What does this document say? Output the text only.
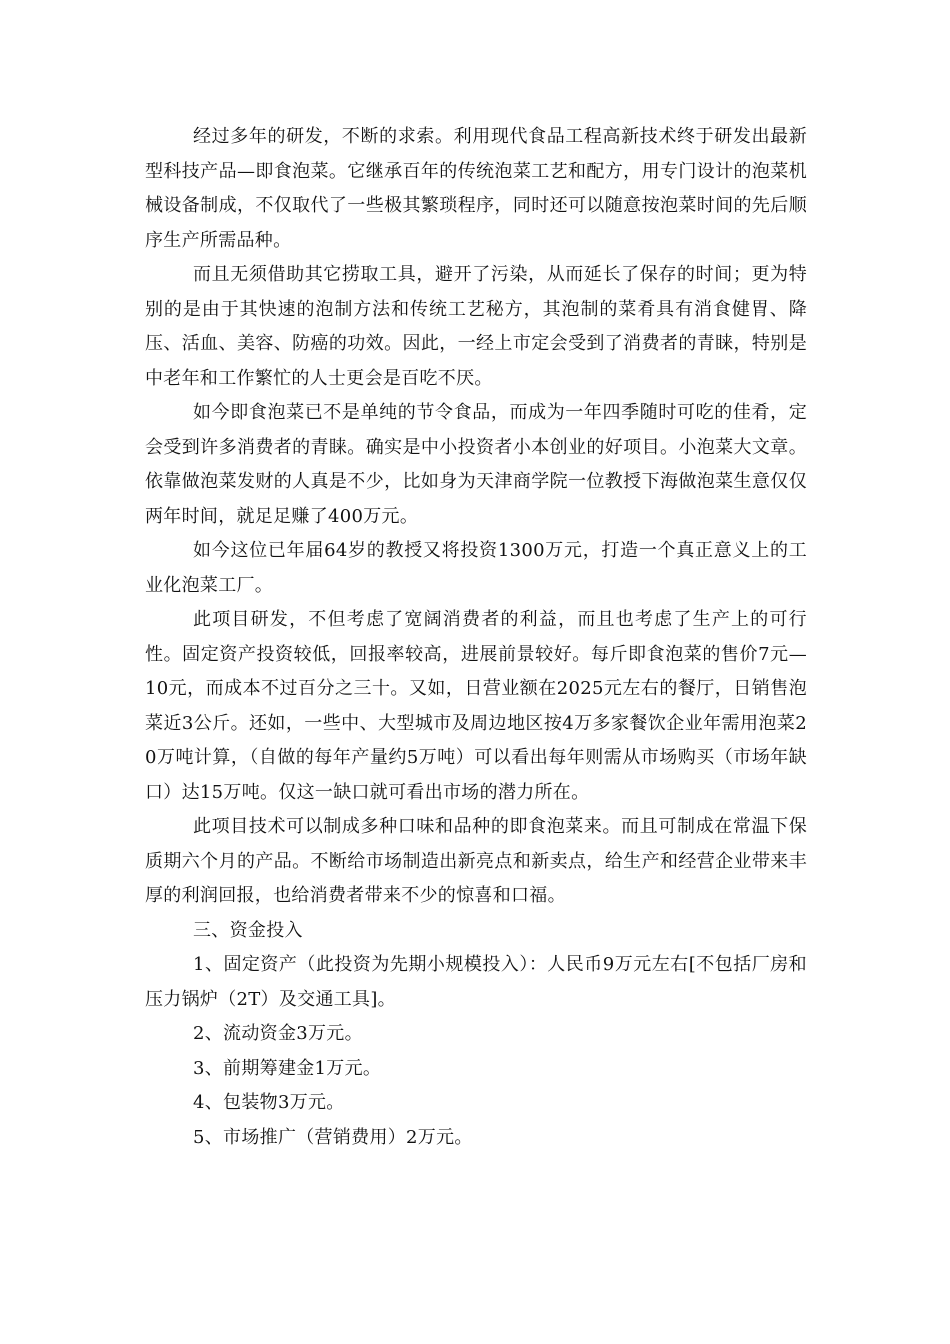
经过多年的研发，不断的求索。利用现代食品工程高新技术终于研发出最新型科技产品—即食泡菜。它继承百年的传统泡菜工艺和配方，用专门设计的泡菜机械设备制成，不仅取代了一些极其繁琐程序，同时还可以随意按泡菜时间的先后顺序生产所需品种。

而且无须借助其它捞取工具，避开了污染，从而延长了保存的时间；更为特别的是由于其快速的泡制方法和传统工艺秘方，其泡制的菜肴具有消食健胃、降压、活血、美容、防癌的功效。因此，一经上市定会受到了消费者的青睐，特别是中老年和工作繁忙的人士更会是百吃不厌。

如今即食泡菜已不是单纯的节令食品，而成为一年四季随时可吃的佳肴，定会受到许多消费者的青睐。确实是中小投资者小本创业的好项目。小泡菜大文章。依靠做泡菜发财的人真是不少，比如身为天津商学院一位教授下海做泡菜生意仅仅两年时间，就足足赚了400万元。

如今这位已年届64岁的教授又将投资1300万元，打造一个真正意义上的工业化泡菜工厂。

此项目研发，不但考虑了宽阔消费者的利益，而且也考虑了生产上的可行性。固定资产投资较低，回报率较高，进展前景较好。每斤即食泡菜的售价7元—10元，而成本不过百分之三十。又如，日营业额在2025元左右的餐厅，日销售泡菜近3公斤。还如，一些中、大型城市及周边地区按4万多家餐饮企业年需用泡菜20万吨计算，（自做的每年产量约5万吨）可以看出每年则需从市场购买（市场年缺口）达15万吨。仅这一缺口就可看出市场的潜力所在。

此项目技术可以制成多种口味和品种的即食泡菜来。而且可制成在常温下保质期六个月的产品。不断给市场制造出新亮点和新卖点，给生产和经营企业带来丰厚的利润回报，也给消费者带来不少的惊喜和口福。

三、资金投入

1、固定资产（此投资为先期小规模投入）：人民币9万元左右[不包括厂房和压力锅炉（2T）及交通工具]。

2、流动资金3万元。

3、前期筹建金1万元。

4、包装物3万元。

5、市场推广（营销费用）2万元。
